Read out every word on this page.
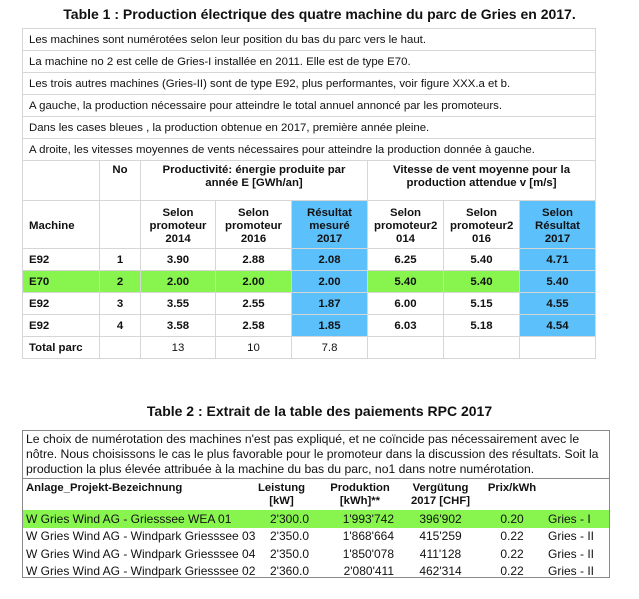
Table 1 : Production électrique des quatre machine du parc de Gries en 2017.
Les machines sont numérotées selon leur position du bas du parc vers le haut.							
La machine no 2 est celle de Gries-I installée en 2011. Elle est de type E70.							
Les trois autres machines (Gries-II) sont de type E92, plus performantes, voir figure XXX.a et b.							
A gauche, la production nécessaire pour atteindre le total annuel annoncé par les promoteurs.							
Dans les cases bleues , la production obtenue en 2017, première année pleine.							
A droite, les vitesses moyennes de vents nécessaires pour atteindre la production donnée à gauche.							
	No	Productivité: énergie produite par année E [GWh/an]			Vitesse de vent moyenne pour la production attendue v [m/s]		
Machine		Selon promoteur 2014	Selon promoteur 2016	Résultat mesuré 2017	Selon promoteur2 014	Selon promoteur2 016	Selon Résultat 2017
E92	1	3.90	2.88	2.08	6.25	5.40	4.71
E70	2	2.00	2.00	2.00	5.40	5.40	5.40
E92	3	3.55	2.55	1.87	6.00	5.15	4.55
E92	4	3.58	2.58	1.85	6.03	5.18	4.54
Total parc		13	10	7.8			
Table 2 : Extrait de la table des paiements RPC 2017
Le choix de numérotation des machines n'est pas expliqué, et ne coïncide pas nécessairement avec le nôtre. Nous choisissons le cas le plus favorable pour le promoteur dans la discussion des résultats. Soit la production la plus élevée attribuée à la machine du bas du parc, no1 dans notre numérotation.
Anlage_Projekt-Bezeichnung	Leistung [kW]	Produktion [kWh]**	Vergütung 2017 [CHF]	Prix/kWh	
W Gries Wind AG - Griesssee WEA 01	2'300.0	1'993'742	396'902	0.20	Gries - I
W Gries Wind AG - Windpark Griesssee 03	2'350.0	1'868'664	415'259	0.22	Gries - II
W Gries Wind AG - Windpark Griesssee 04	2'350.0	1'850'078	411'128	0.22	Gries - II
W Gries Wind AG - Windpark Griesssee 02	2'360.0	2'080'411	462'314	0.22	Gries - II
